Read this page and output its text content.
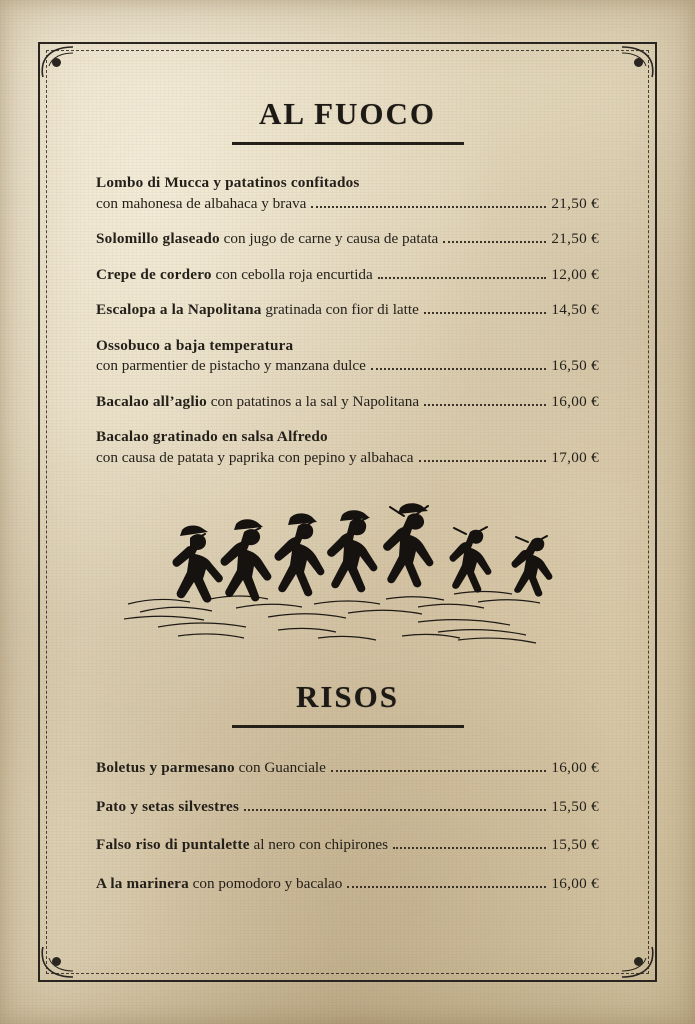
AL FUOCO
Lombo di Mucca y patatinos confitados
con mahonesa de albahaca y brava	21,50 €
Solomillo glaseado con jugo de carne y causa de patata	21,50 €
Crepe de cordero con cebolla roja encurtida	12,00 €
Escalopa a la Napolitana gratinada con fior di latte	14,50 €
Ossobuco a baja temperatura
con parmentier de pistacho y manzana dulce	16,50 €
Bacalao all’aglio con patatinos a la sal y Napolitana	16,00 €
Bacalao gratinado en salsa Alfredo
con causa de patata y paprika con pepino y albahaca	17,00 €
RISOS
Boletus y parmesano con Guanciale	16,00 €
Pato y setas silvestres	15,50 €
Falso riso di puntalette al nero con chipirones	15,50 €
A la marinera con pomodoro y bacalao	16,00 €
